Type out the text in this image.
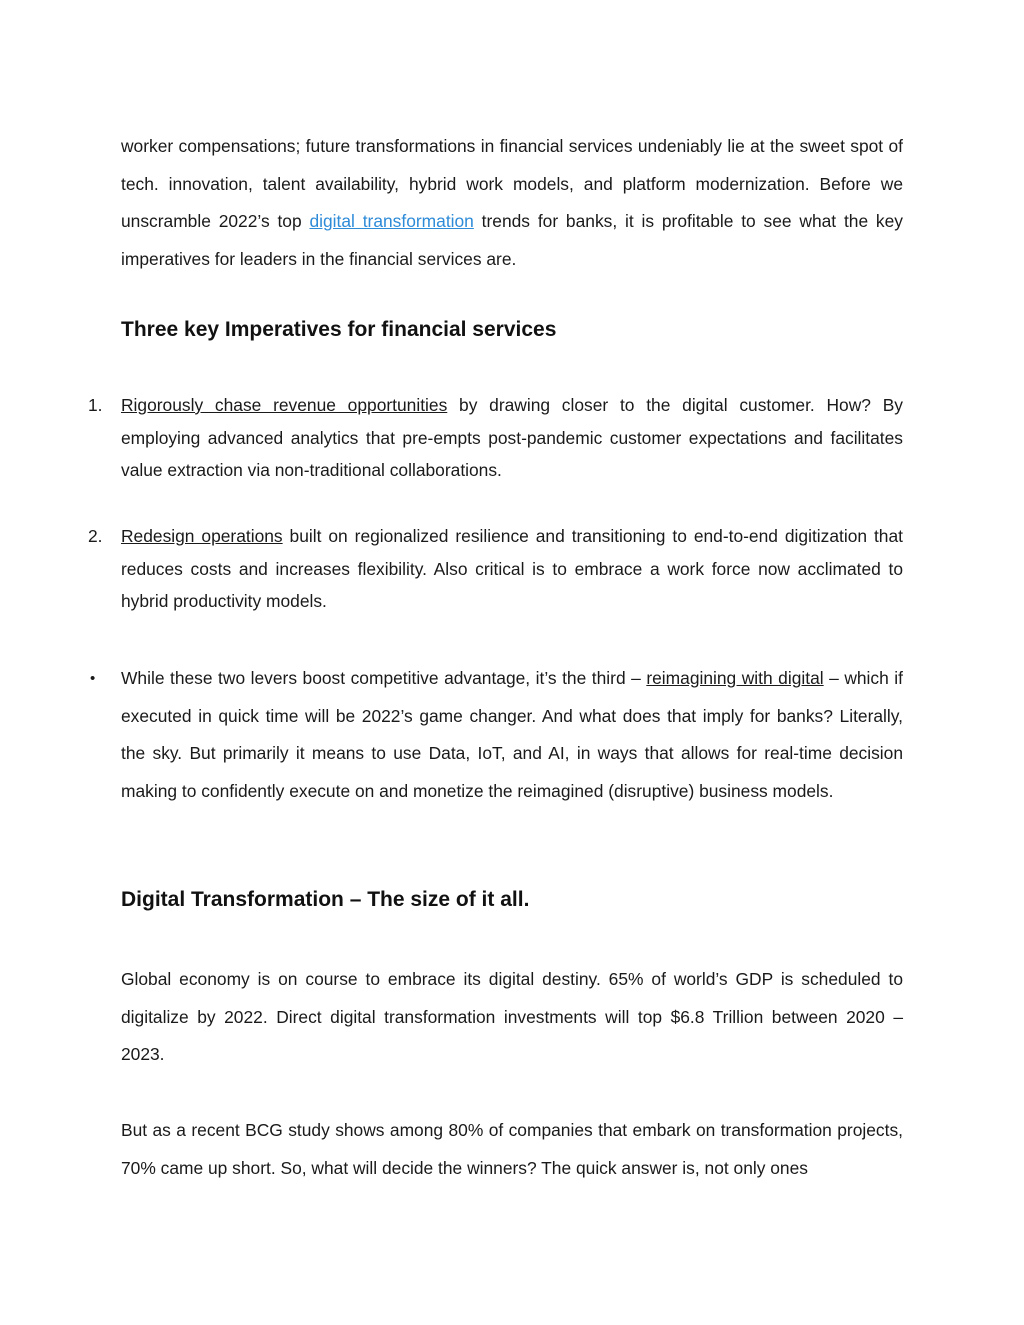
worker compensations; future transformations in financial services undeniably lie at the sweet spot of tech. innovation, talent availability, hybrid work models, and platform modernization. Before we unscramble 2022’s top digital transformation trends for banks, it is profitable to see what the key imperatives for leaders in the financial services are.

Three key Imperatives for financial services
1.	Rigorously chase revenue opportunities by drawing closer to the digital customer. How? By employing advanced analytics that pre-empts post-pandemic customer expectations and facilitates value extraction via non-traditional collaborations.

2.	Redesign operations built on regionalized resilience and transitioning to end-to-end digitization that reduces costs and increases flexibility. Also critical is to embrace a work force now acclimated to hybrid productivity models.

•	While these two levers boost competitive advantage, it’s the third – reimagining with digital – which if executed in quick time will be 2022’s game changer. And what does that imply for banks? Literally, the sky. But primarily it means to use Data, IoT, and AI, in ways that allows for real-time decision making to confidently execute on and monetize the reimagined (disruptive) business models.

Digital Transformation – The size of it all.

Global economy is on course to embrace its digital destiny. 65% of world’s GDP is scheduled to digitalize by 2022. Direct digital transformation investments will top $6.8 Trillion between 2020 – 2023.

But as a recent BCG study shows among 80% of companies that embark on transformation projects, 70% came up short. So, what will decide the winners? The quick answer is, not only ones
